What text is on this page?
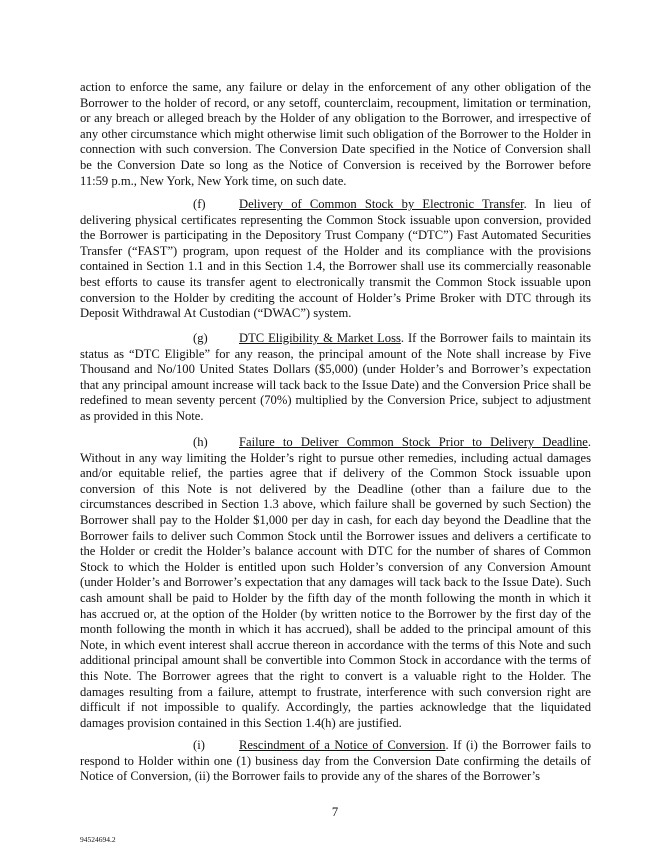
action to enforce the same, any failure or delay in the enforcement of any other obligation of the Borrower to the holder of record, or any setoff, counterclaim, recoupment, limitation or termination, or any breach or alleged breach by the Holder of any obligation to the Borrower, and irrespective of any other circumstance which might otherwise limit such obligation of the Borrower to the Holder in connection with such conversion. The Conversion Date specified in the Notice of Conversion shall be the Conversion Date so long as the Notice of Conversion is received by the Borrower before 11:59 p.m., New York, New York time, on such date.

(f)	Delivery of Common Stock by Electronic Transfer. In lieu of delivering physical certificates representing the Common Stock issuable upon conversion, provided the Borrower is participating in the Depository Trust Company (“DTC”) Fast Automated Securities Transfer (“FAST”) program, upon request of the Holder and its compliance with the provisions contained in Section 1.1 and in this Section 1.4, the Borrower shall use its commercially reasonable best efforts to cause its transfer agent to electronically transmit the Common Stock issuable upon conversion to the Holder by crediting the account of Holder’s Prime Broker with DTC through its Deposit Withdrawal At Custodian (“DWAC”) system.

(g) DTC Eligibility & Market Loss. If the Borrower fails to maintain its status as “DTC Eligible” for any reason, the principal amount of the Note shall increase by Five Thousand and No/100 United States Dollars ($5,000) (under Holder’s and Borrower’s expectation that any principal amount increase will tack back to the Issue Date) and the Conversion Price shall be redefined to mean seventy percent (70%) multiplied by the Conversion Price, subject to adjustment as provided in this Note.

(h) Failure to Deliver Common Stock Prior to Delivery Deadline. Without in any way limiting the Holder’s right to pursue other remedies, including actual damages and/or equitable relief, the parties agree that if delivery of the Common Stock issuable upon conversion of this Note is not delivered by the Deadline (other than a failure due to the circumstances described in Section 1.3 above, which failure shall be governed by such Section) the Borrower shall pay to the Holder $1,000 per day in cash, for each day beyond the Deadline that the Borrower fails to deliver such Common Stock until the Borrower issues and delivers a certificate to the Holder or credit the Holder’s balance account with DTC for the number of shares of Common Stock to which the Holder is entitled upon such Holder’s conversion of any Conversion Amount (under Holder’s and Borrower’s expectation that any damages will tack back to the Issue Date). Such cash amount shall be paid to Holder by the fifth day of the month following the month in which it has accrued or, at the option of the Holder (by written notice to the Borrower by the first day of the month following the month in which it has accrued), shall be added to the principal amount of this Note, in which event interest shall accrue thereon in accordance with the terms of this Note and such additional principal amount shall be convertible into Common Stock in accordance with the terms of this Note. The Borrower agrees that the right to convert is a valuable right to the Holder. The damages resulting from a failure, attempt to frustrate, interference with such conversion right are difficult if not impossible to qualify. Accordingly, the parties acknowledge that the liquidated damages provision contained in this Section 1.4(h) are justified.

(i)	Rescindment of a Notice of Conversion. If (i) the Borrower fails to respond to Holder within one (1) business day from the Conversion Date confirming the details of Notice of Conversion, (ii) the Borrower fails to provide any of the shares of the Borrower’s

7
94524694.2
